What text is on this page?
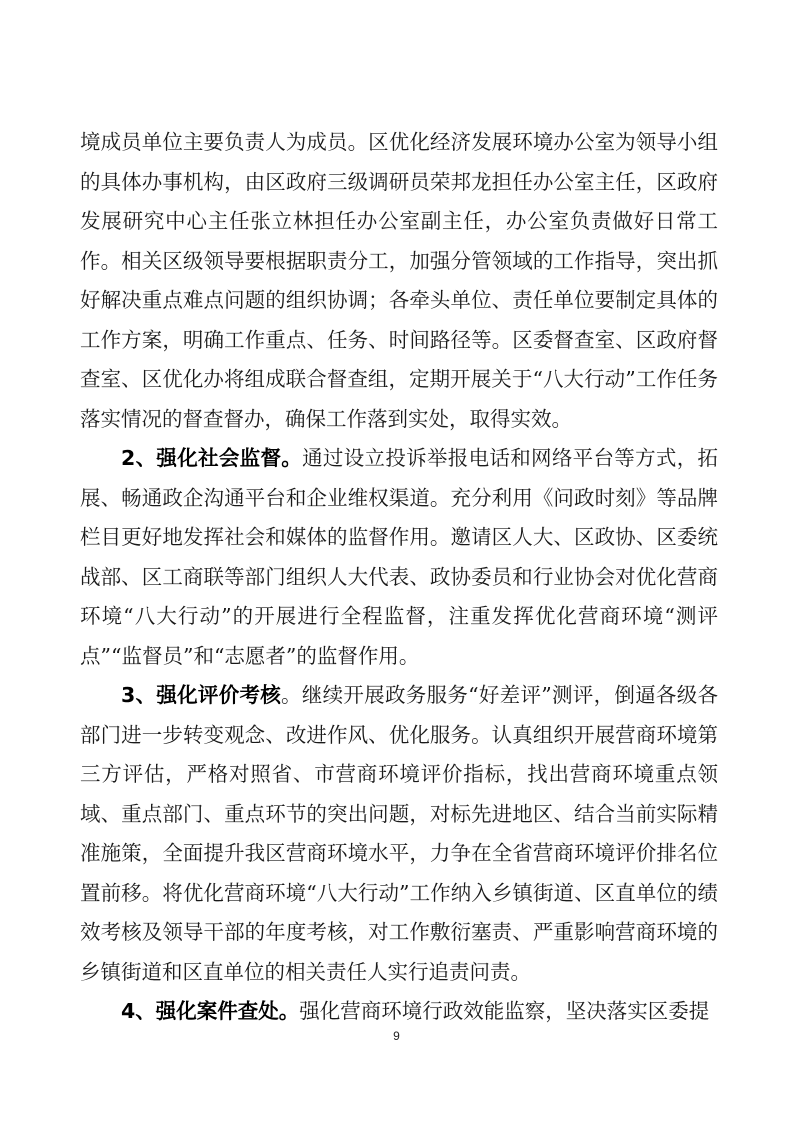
境成员单位主要负责人为成员。区优化经济发展环境办公室为领导小组的具体办事机构，由区政府三级调研员荣邦龙担任办公室主任，区政府发展研究中心主任张立林担任办公室副主任，办公室负责做好日常工作。相关区级领导要根据职责分工，加强分管领域的工作指导，突出抓好解决重点难点问题的组织协调；各牵头单位、责任单位要制定具体的工作方案，明确工作重点、任务、时间路径等。区委督查室、区政府督查室、区优化办将组成联合督查组，定期开展关于“八大行动”工作任务落实情况的督查督办，确保工作落到实处，取得实效。

2、强化社会监督。通过设立投诉举报电话和网络平台等方式，拓展、畅通政企沟通平台和企业维权渠道。充分利用《问政时刻》等品牌栏目更好地发挥社会和媒体的监督作用。邀请区人大、区政协、区委统战部、区工商联等部门组织人大代表、政协委员和行业协会对优化营商环境“八大行动”的开展进行全程监督，注重发挥优化营商环境“测评点”“监督员”和“志愿者”的监督作用。

3、强化评价考核。继续开展政务服务“好差评”测评，倒逼各级各部门进一步转变观念、改进作风、优化服务。认真组织开展营商环境第三方评估，严格对照省、市营商环境评价指标，找出营商环境重点领域、重点部门、重点环节的突出问题，对标先进地区、结合当前实际精准施策，全面提升我区营商环境水平，力争在全省营商环境评价排名位置前移。将优化营商环境“八大行动”工作纳入乡镇街道、区直单位的绩效考核及领导干部的年度考核，对工作敷衍塞责、严重影响营商环境的乡镇街道和区直单位的相关责任人实行追责问责。

4、强化案件查处。强化营商环境行政效能监察，坚决落实区委提

9
